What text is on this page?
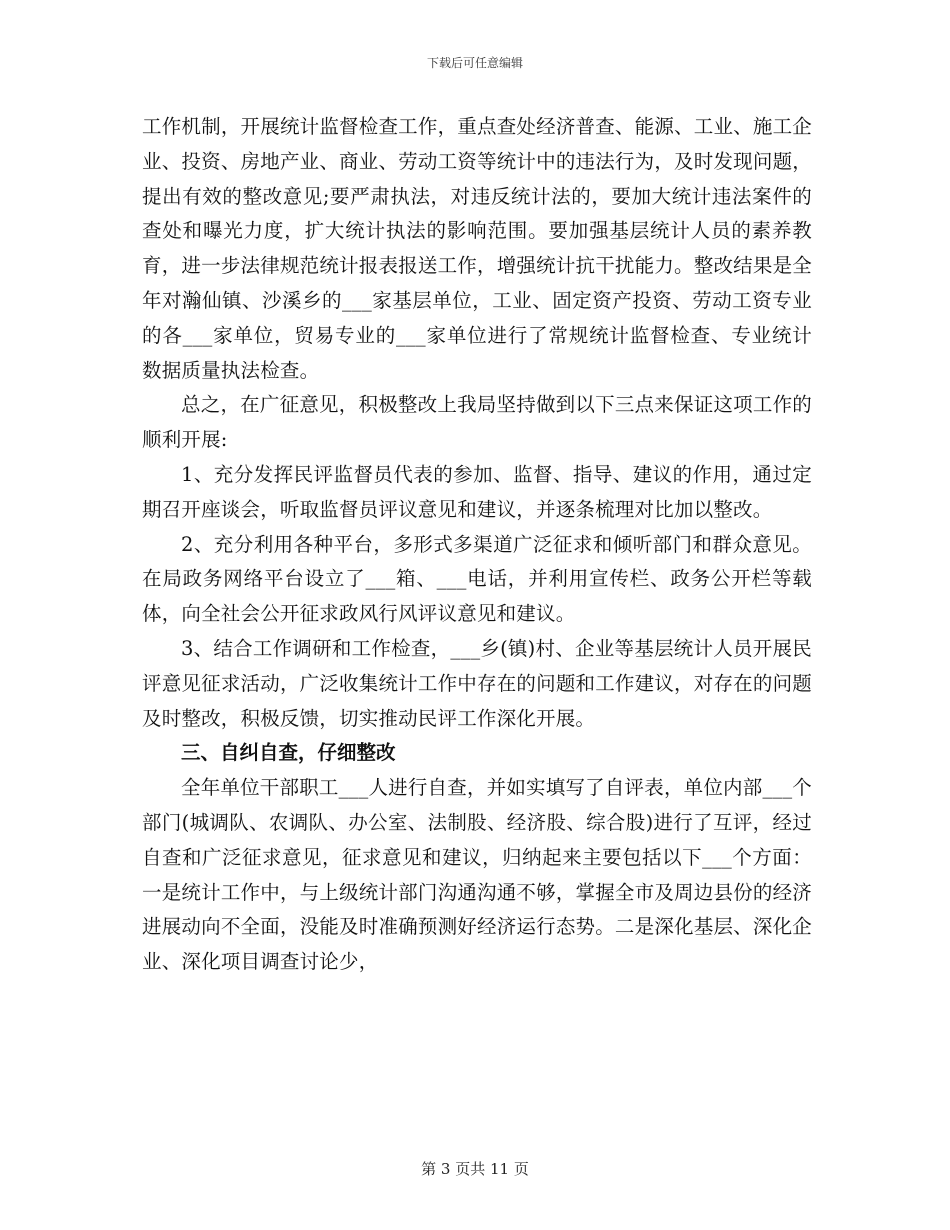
下载后可任意编辑

工作机制，开展统计监督检查工作，重点查处经济普查、能源、工业、施工企业、投资、房地产业、商业、劳动工资等统计中的违法行为，及时发现问题，提出有效的整改意见;要严肃执法，对违反统计法的，要加大统计违法案件的查处和曝光力度，扩大统计执法的影响范围。要加强基层统计人员的素养教育，进一步法律规范统计报表报送工作，增强统计抗干扰能力。整改结果是全年对瀚仙镇、沙溪乡的___家基层单位，工业、固定资产投资、劳动工资专业的各___家单位，贸易专业的___家单位进行了常规统计监督检查、专业统计数据质量执法检查。

总之，在广征意见，积极整改上我局坚持做到以下三点来保证这项工作的顺利开展:

1、充分发挥民评监督员代表的参加、监督、指导、建议的作用，通过定期召开座谈会，听取监督员评议意见和建议，并逐条梳理对比加以整改。

2、充分利用各种平台，多形式多渠道广泛征求和倾听部门和群众意见。在局政务网络平台设立了___箱、___电话，并利用宣传栏、政务公开栏等载体，向全社会公开征求政风行风评议意见和建议。

3、结合工作调研和工作检查，___乡(镇)村、企业等基层统计人员开展民评意见征求活动，广泛收集统计工作中存在的问题和工作建议，对存在的问题及时整改，积极反馈，切实推动民评工作深化开展。

三、自纠自查，仔细整改

全年单位干部职工___人进行自查，并如实填写了自评表，单位内部___个部门(城调队、农调队、办公室、法制股、经济股、综合股)进行了互评，经过自查和广泛征求意见，征求意见和建议，归纳起来主要包括以下___个方面：一是统计工作中，与上级统计部门沟通沟通不够，掌握全市及周边县份的经济进展动向不全面，没能及时准确预测好经济运行态势。二是深化基层、深化企业、深化项目调查讨论少，

第 3 页共 11 页
